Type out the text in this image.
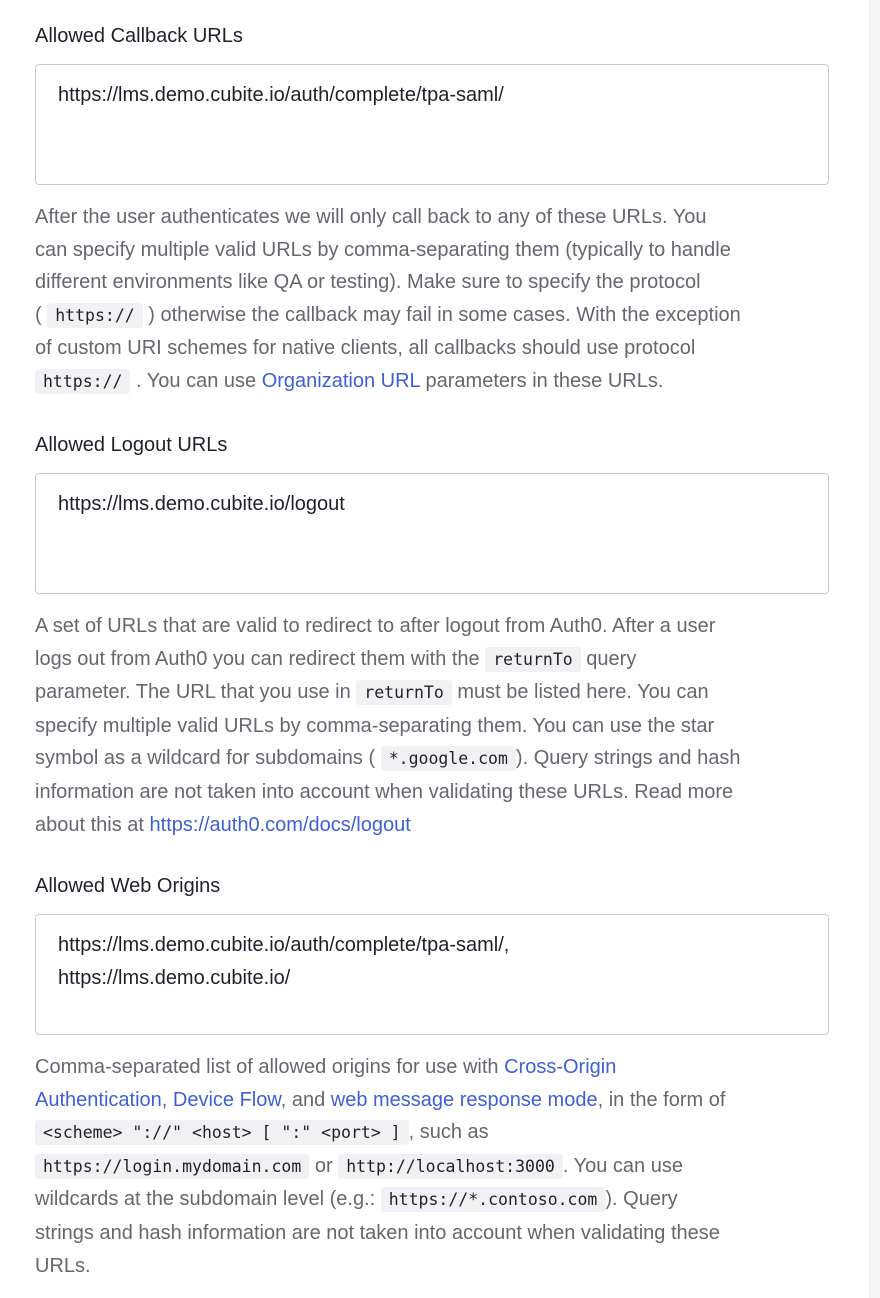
Allowed Callback URLs
https://lms.demo.cubite.io/auth/complete/tpa-saml/
After the user authenticates we will only call back to any of these URLs. You
can specify multiple valid URLs by comma-separating them (typically to handle
different environments like QA or testing). Make sure to specify the protocol
( https:// ) otherwise the callback may fail in some cases. With the exception
of custom URI schemes for native clients, all callbacks should use protocol
https:// . You can use Organization URL parameters in these URLs.
Allowed Logout URLs
https://lms.demo.cubite.io/logout
A set of URLs that are valid to redirect to after logout from Auth0. After a user
logs out from Auth0 you can redirect them with the returnTo query
parameter. The URL that you use in returnTo must be listed here. You can
specify multiple valid URLs by comma-separating them. You can use the star
symbol as a wildcard for subdomains ( *.google.com ). Query strings and hash
information are not taken into account when validating these URLs. Read more
about this at https://auth0.com/docs/logout
Allowed Web Origins
https://lms.demo.cubite.io/auth/complete/tpa-saml/,
https://lms.demo.cubite.io/
Comma-separated list of allowed origins for use with Cross-Origin
Authentication, Device Flow, and web message response mode, in the form of
<scheme> "://" <host> [ ":" <port> ] , such as
https://login.mydomain.com or http://localhost:3000 . You can use
wildcards at the subdomain level (e.g.: https://*.contoso.com ). Query
strings and hash information are not taken into account when validating these
URLs.
